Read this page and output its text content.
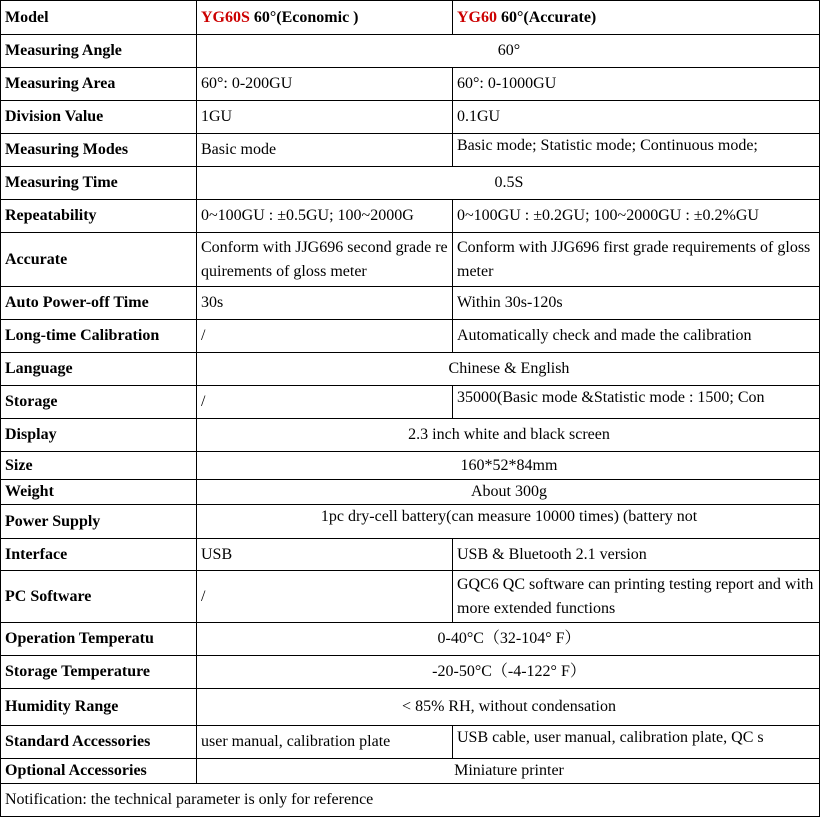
Model	YG60S 60°(Economic )	YG60 60°(Accurate)
Measuring Angle	60°	
Measuring Area	60°: 0-200GU	60°: 0-1000GU
Division Value	1GU	0.1GU
Measuring Modes	Basic mode	Basic mode; Statistic mode; Continuous mode;

Measuring Time	0.5S	
Repeatability	0~100GU : ±0.5GU; 100~2000G	0~100GU : ±0.2GU; 100~2000GU : ±0.2%GU
Accurate	Conform with JJG696 second grade requirements of gloss meter	Conform with JJG696 first grade requirements of gloss meter
Auto Power-off Time	30s	Within 30s-120s
Long-time Calibration	/	Automatically check and made the calibration
Language	Chinese & English	
Storage	/	35000(Basic mode &Statistic mode : 1500; Con

Display	2.3 inch white and black screen	
Size	160*52*84mm	
Weight	About 300g	
Power Supply	1pc dry-cell battery(can measure 10000 times) (battery not	

Interface	USB	USB & Bluetooth 2.1 version
PC Software	/	GQC6 QC software can printing testing report and with more extended functions
Operation Temperatu	0-40°C（32-104° F）	
Storage Temperature	-20-50°C（-4-122° F）	
Humidity Range	< 85% RH, without condensation	
Standard Accessories	user manual, calibration plate	USB cable, user manual, calibration plate, QC s

Optional Accessories	Miniature printer	
Notification: the technical parameter is only for reference		
